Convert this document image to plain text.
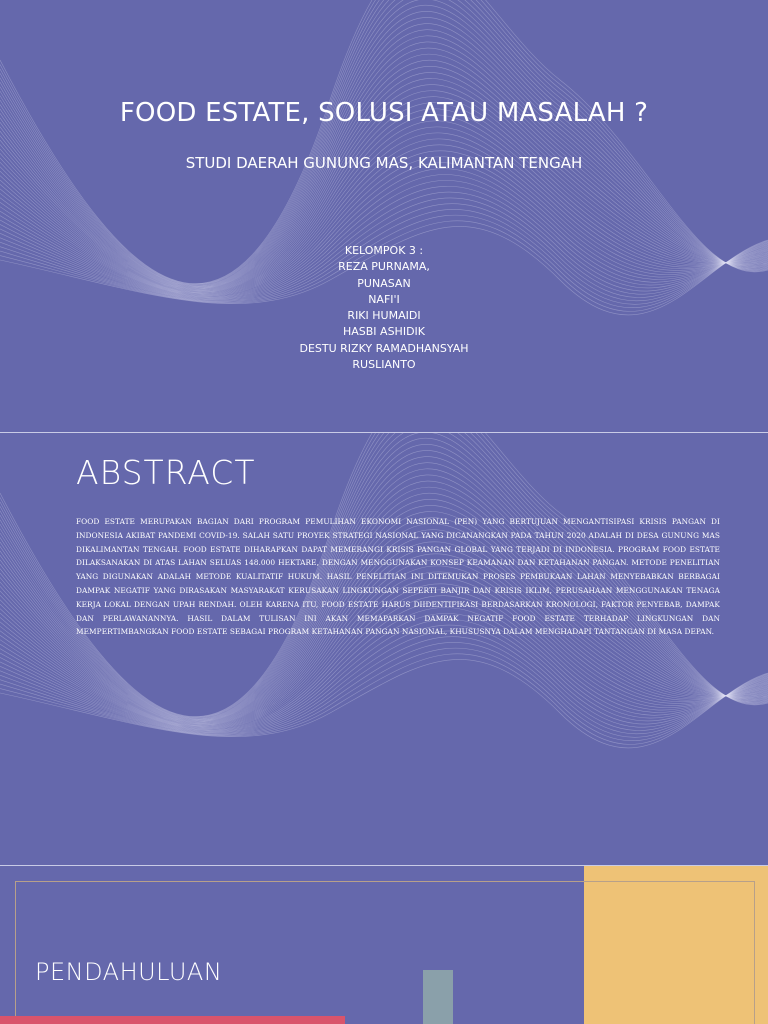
FOOD ESTATE, SOLUSI ATAU MASALAH ?
STUDI DAERAH GUNUNG MAS, KALIMANTAN TENGAH
KELOMPOK 3 :
REZA PURNAMA,
PUNASAN
NAFI'I
RIKI HUMAIDI
HASBI ASHIDIK
DESTU RIZKY RAMADHANSYAH
RUSLIANTO
ABSTRACT
FOOD ESTATE MERUPAKAN BAGIAN DARI PROGRAM PEMULIHAN EKONOMI NASIONAL (PEN) YANG BERTUJUAN MENGANTISIPASI KRISIS PANGAN DI INDONESIA AKIBAT PANDEMI COVID-19. SALAH SATU PROYEK STRATEGI NASIONAL YANG DICANANGKAN PADA TAHUN 2020 ADALAH DI DESA GUNUNG MAS DIKALIMANTAN TENGAH. FOOD ESTATE DIHARAPKAN DAPAT MEMERANGI KRISIS PANGAN GLOBAL YANG TERJADI DI INDONESIA. PROGRAM FOOD ESTATE DILAKSANAKAN DI ATAS LAHAN SELUAS 148.000 HEKTARE, DENGAN MENGGUNAKAN KONSEP KEAMANAN DAN KETAHANAN PANGAN. METODE PENELITIAN YANG DIGUNAKAN ADALAH METODE KUALITATIF HUKUM. HASIL PENELITIAN INI DITEMUKAN PROSES PEMBUKAAN LAHAN MENYEBABKAN BERBAGAI DAMPAK NEGATIF YANG DIRASAKAN MASYARAKAT KERUSAKAN LINGKUNGAN SEPERTI BANJIR DAN KRISIS IKLIM, PERUSAHAAN MENGGUNAKAN TENAGA KERJA LOKAL DENGAN UPAH RENDAH. OLEH KARENA ITU, FOOD ESTATE HARUS DIIDENTIFIKASI BERDASARKAN KRONOLOGI, FAKTOR PENYEBAB, DAMPAK DAN PERLAWANANNYA. HASIL DALAM TULISAN INI AKAN MEMAPARKAN DAMPAK NEGATIF FOOD ESTATE TERHADAP LINGKUNGAN DAN MEMPERTIMBANGKAN FOOD ESTATE SEBAGAI PROGRAM KETAHANAN PANGAN NASIONAL, KHUSUSNYA DALAM MENGHADAPI TANTANGAN DI MASA DEPAN.
PENDAHULUAN
